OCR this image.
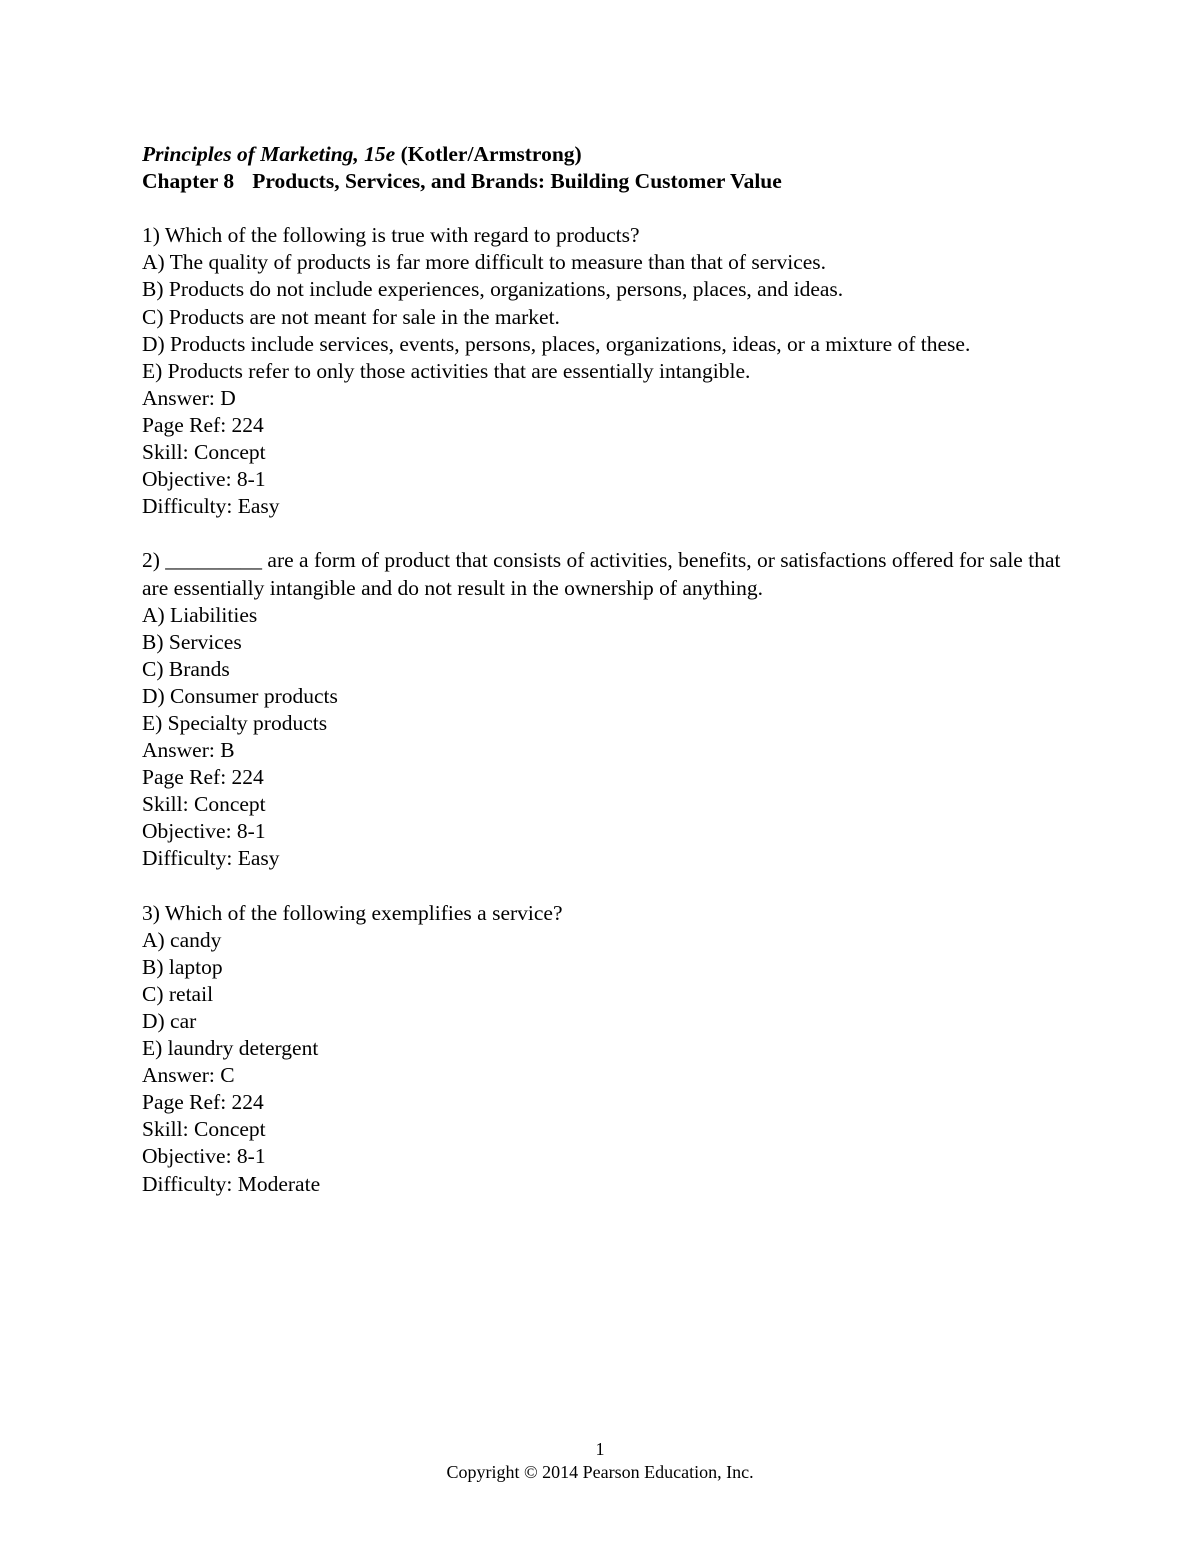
Principles of Marketing, 15e (Kotler/Armstrong)
Chapter 8 Products, Services, and Brands: Building Customer Value
1) Which of the following is true with regard to products?
A) The quality of products is far more difficult to measure than that of services.
B) Products do not include experiences, organizations, persons, places, and ideas.
C) Products are not meant for sale in the market.
D) Products include services, events, persons, places, organizations, ideas, or a mixture of these.
E) Products refer to only those activities that are essentially intangible.
Answer: D
Page Ref: 224
Skill: Concept
Objective: 8-1
Difficulty: Easy
2) _________ are a form of product that consists of activities, benefits, or satisfactions offered for sale that are essentially intangible and do not result in the ownership of anything.
A) Liabilities
B) Services
C) Brands
D) Consumer products
E) Specialty products
Answer: B
Page Ref: 224
Skill: Concept
Objective: 8-1
Difficulty: Easy
3) Which of the following exemplifies a service?
A) candy
B) laptop
C) retail
D) car
E) laundry detergent
Answer: C
Page Ref: 224
Skill: Concept
Objective: 8-1
Difficulty: Moderate
1
Copyright © 2014 Pearson Education, Inc.
